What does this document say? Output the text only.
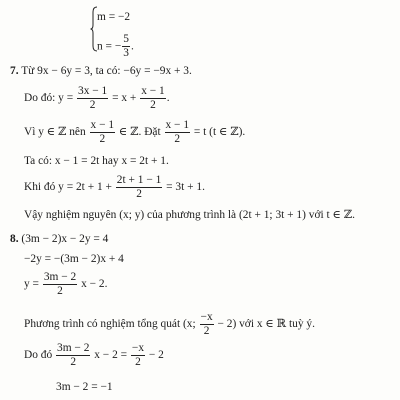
m = −2
n = − $\frac{5}{3}$ .
7. Từ 9x − 6y = 3, ta có: −6y = −9x + 3.
Do đó: $y = \frac{3x - 1}{2} = x + \frac{x - 1}{2}$ .
Vì y ∈ ℤ nên $\frac{x - 1}{2}$ ∈ ℤ. Đặt $\frac{x - 1}{2} = t$ (t ∈ ℤ).
Ta có: x − 1 = 2t hay x = 2t + 1.
Khi đó $y = 2t + 1 + \frac{2t + 1 - 1}{2} = 3t + 1$.
Vậy nghiệm nguyên (x; y) của phương trình là (2t + 1; 3t + 1) với t ∈ ℤ.
8. (3m − 2)x − 2y = 4
−2y = −(3m − 2)x + 4
$y = \frac{3m - 2}{2}$ x − 2.
Phương trình có nghiệm tổng quát (x; $\frac{-x}{2} - 2$) với x ∈ ℝ tuỳ ý.
Do đó $\frac{3m - 2}{2}$ $x - 2 = \frac{-x}{2} - 2$
3m − 2 = −1
